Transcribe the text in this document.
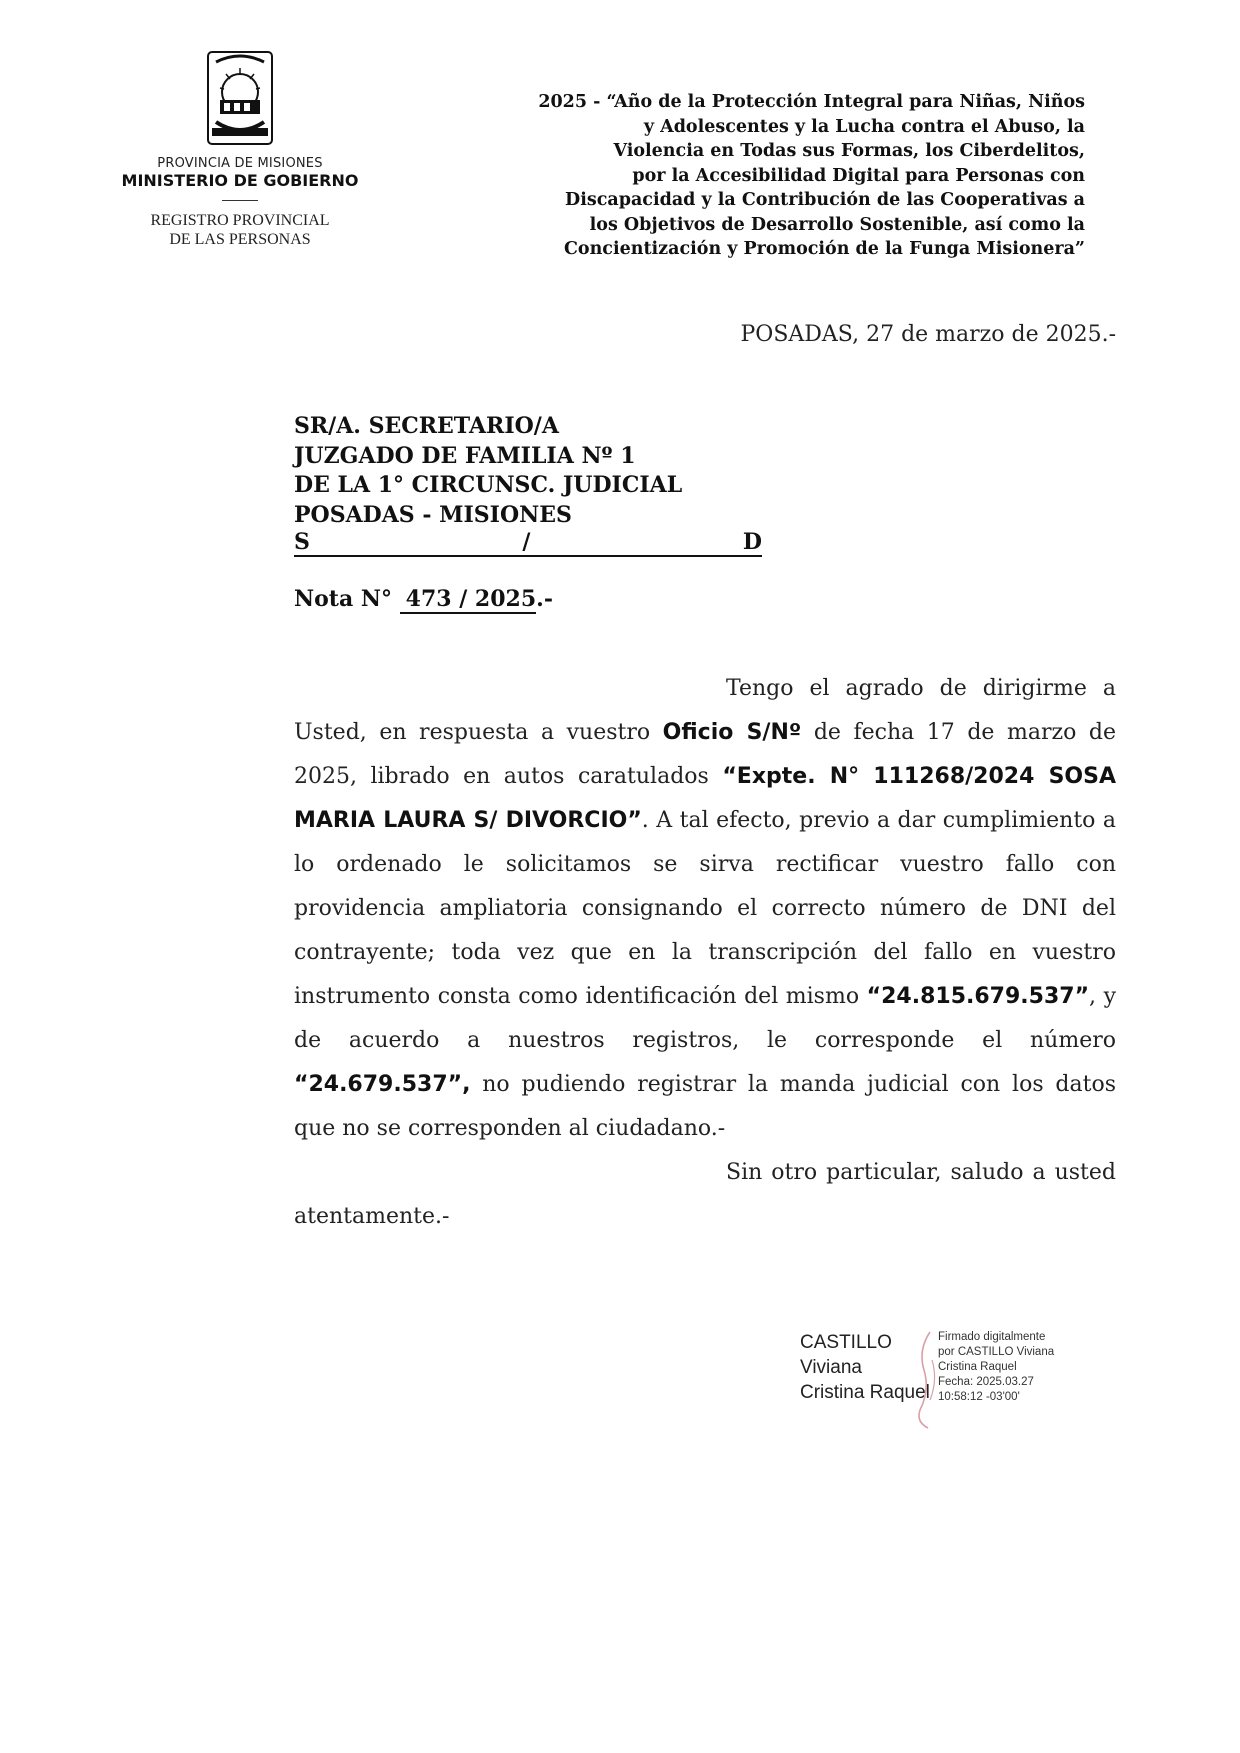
PROVINCIA DE MISIONES
MINISTERIO DE GOBIERNO
REGISTRO PROVINCIAL
DE LAS PERSONAS
2025 - “Año de la Protección Integral para Niñas, Niños
y Adolescentes y la Lucha contra el Abuso, la
Violencia en Todas sus Formas, los Ciberdelitos,
por la Accesibilidad Digital para Personas con
Discapacidad y la Contribución de las Cooperativas a
los Objetivos de Desarrollo Sostenible, así como la
Concientización y Promoción de la Funga Misionera”
POSADAS, 27 de marzo de 2025.-
SR/A. SECRETARIO/A
JUZGADO DE FAMILIA Nº 1
DE LA 1° CIRCUNSC. JUDICIAL
POSADAS - MISIONES
S	/	D
Nota N° 473 / 2025.-

Tengo el agrado de dirigirme a Usted, en respuesta a vuestro Oficio S/Nº de fecha 17 de marzo de 2025, librado en autos caratulados “Expte. N° 111268/2024 SOSA MARIA LAURA S/ DIVORCIO”. A tal efecto, previo a dar cumplimiento a lo ordenado le solicitamos se sirva rectificar vuestro fallo con providencia ampliatoria consignando el correcto número de DNI del contrayente; toda vez que en la transcripción del fallo en vuestro instrumento consta como identificación del mismo “24.815.679.537”, y de acuerdo a nuestros registros, le corresponde el número “24.679.537”, no pudiendo registrar la manda judicial con los datos que no se corresponden al ciudadano.-

Sin otro particular, saludo a usted atentamente.-

CASTILLO
Viviana
Cristina Raquel
Firmado digitalmente
por CASTILLO Viviana
Cristina Raquel
Fecha: 2025.03.27
10:58:12 -03'00'
